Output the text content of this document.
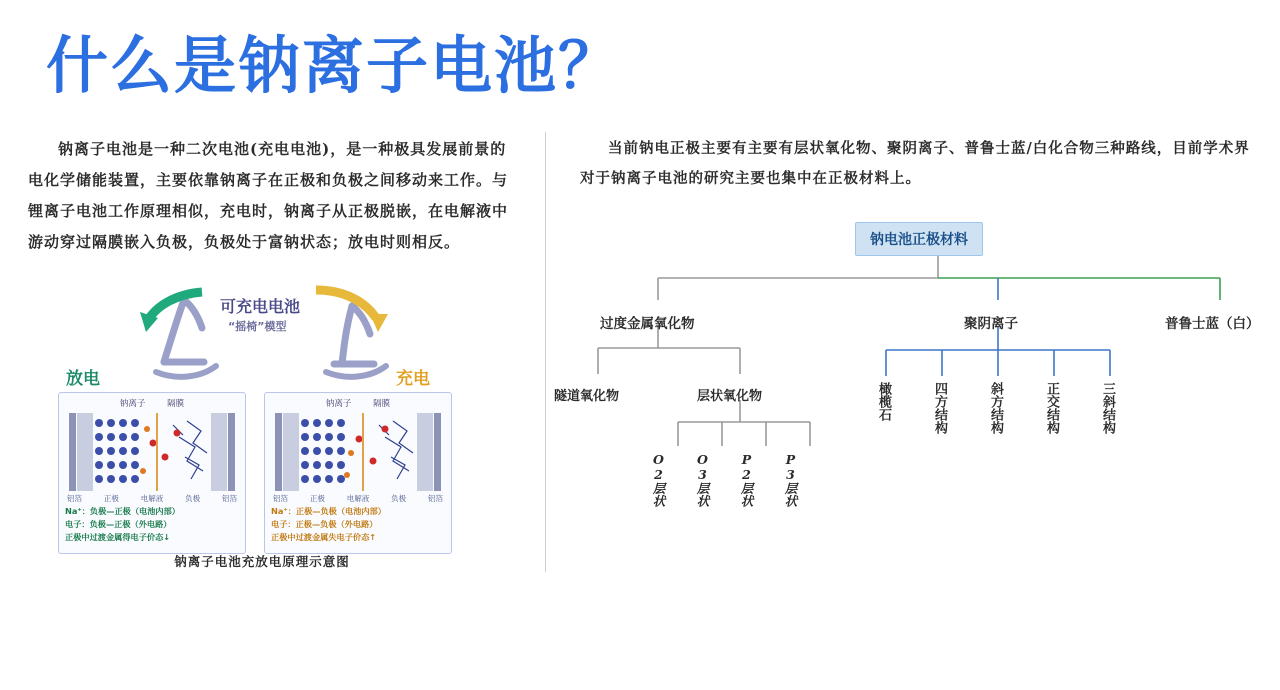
什么是钠离子电池？
钠离子电池是一种二次电池(充电电池)，是一种极具发展前景的电化学储能装置，主要依靠钠离子在正极和负极之间移动来工作。与锂离子电池工作原理相似，充电时，钠离子从正极脱嵌，在电解液中游动穿过隔膜嵌入负极，负极处于富钠状态；放电时则相反。
可充电电池
“摇椅”模型
放电	充电
钠离子	隔膜
铝箔	正极	电解液	负极	铝箔
Na⁺：负极—正极（电池内部）
电子：负极—正极（外电路）
正极中过渡金属得电子价态↓
钠离子	隔膜
铝箔	正极	电解液	负极	铝箔
Na⁺：正极—负极（电池内部）
电子：正极—负极（外电路）
正极中过渡金属失电子价态↑
钠离子电池充放电原理示意图
当前钠电正极主要有主要有层状氧化物、聚阴离子、普鲁士蓝/白化合物三种路线，目前学术界对于钠离子电池的研究主要也集中在正极材料上。
钠电池正极材料
过度金属氧化物	聚阴离子	普鲁士蓝（白）
隧道氧化物	层状氧化物
O2层状 O3层状 P2层状 P3层状
橄榄石	四方结构	斜方结构	正交结构	三斜结构
